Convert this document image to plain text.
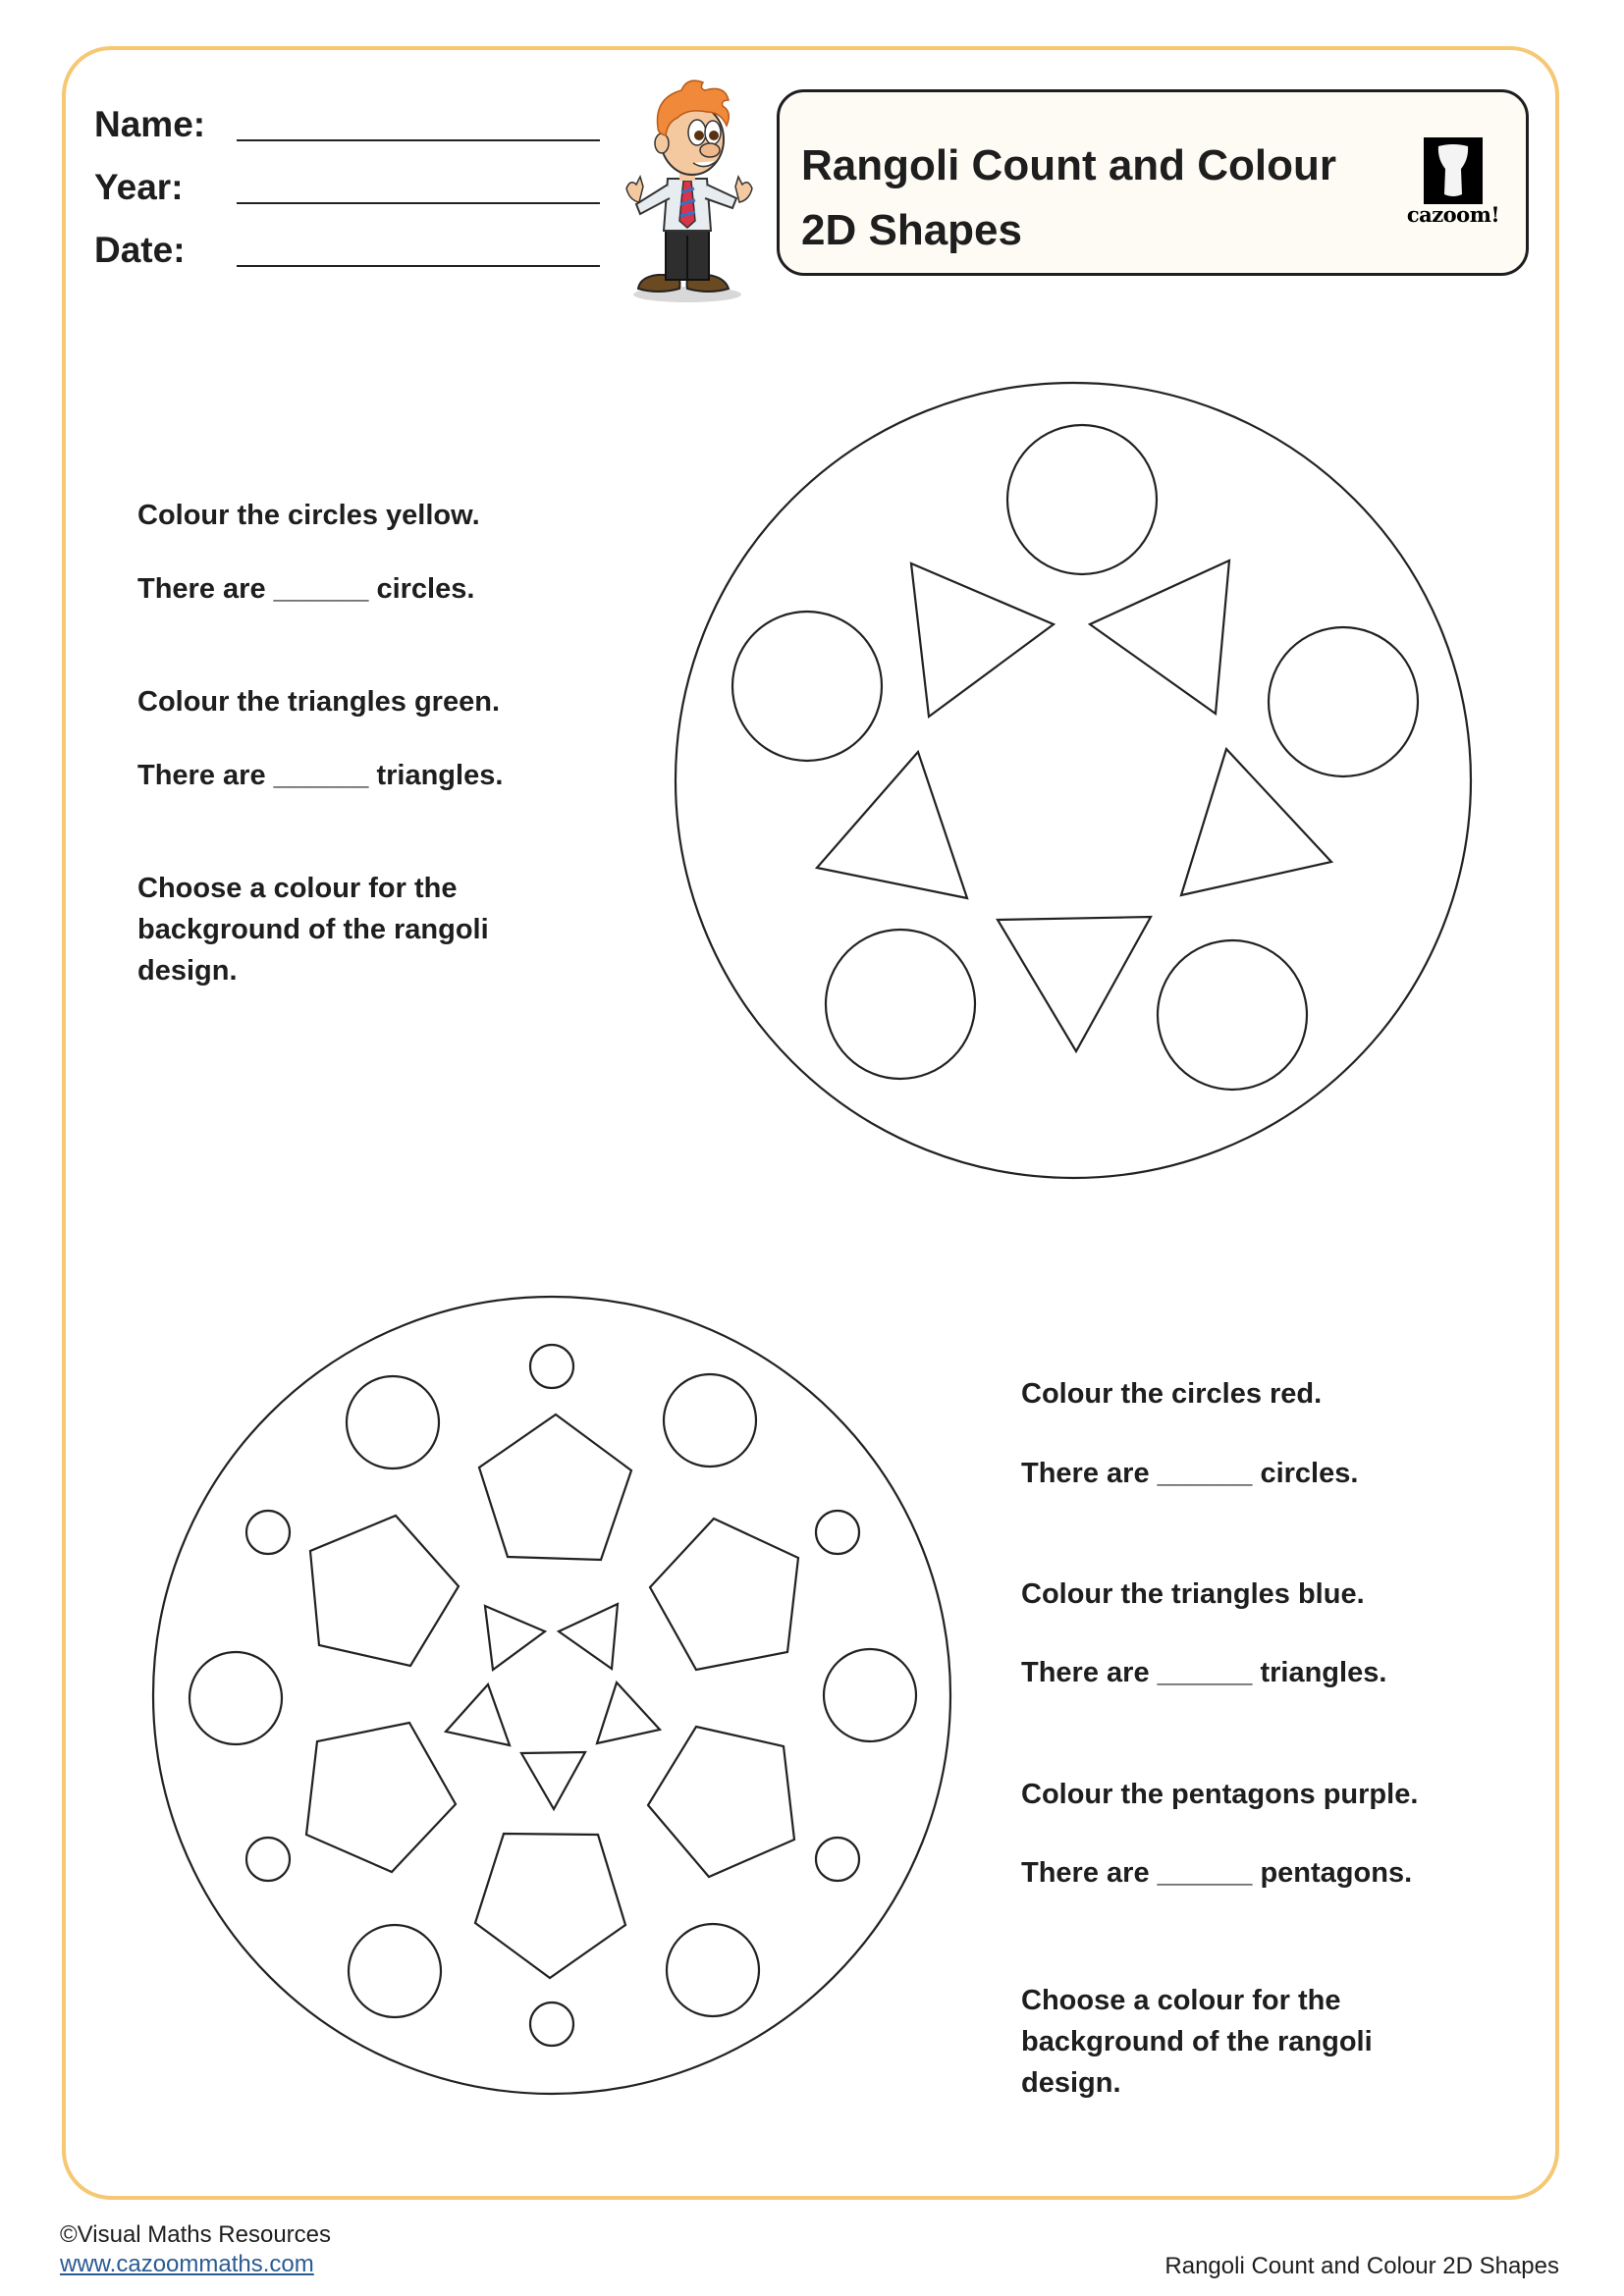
Name:
Year:
Date:
Rangoli Count and Colour
2D Shapes	cazoom!
Colour the circles yellow.
There are ______ circles.
Colour the triangles green.
There are ______ triangles.
Choose a colour for the
background of the rangoli
design.
Colour the circles red.
There are ______ circles.
Colour the triangles blue.
There are ______ triangles.
Colour the pentagons purple.
There are ______ pentagons.
Choose a colour for the
background of the rangoli
design.
©Visual Maths Resources
www.cazoommaths.com	Rangoli Count and Colour 2D Shapes
